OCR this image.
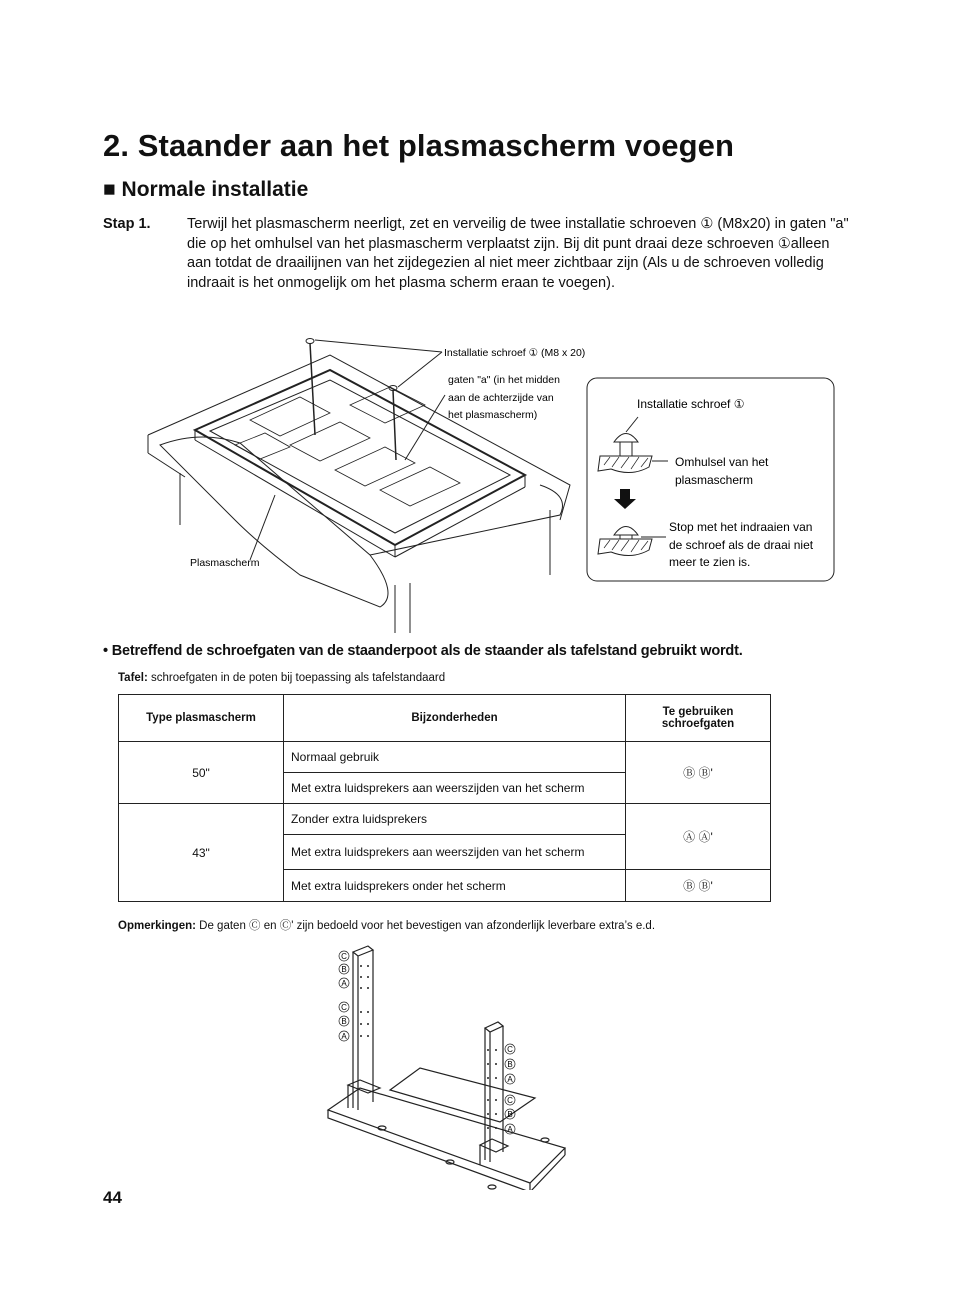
2. Staander aan het plasmascherm voegen
■ Normale installatie
Stap 1.	Terwijl het plasmascherm neerligt, zet en verveilig de twee installatie schroeven ① (M8x20) in gaten "a" die op het omhulsel van het plasmascherm verplaatst zijn. Bij dit punt draai deze schroeven ①alleen aan totdat de draailijnen van het zijdegezien al niet meer zichtbaar zijn (Als u de schroeven volledig indraait is het onmogelijk om het plasma scherm eraan te voegen).
Installatie schroef ① (M8 x 20)
gaten "a" (in het midden
aan de achterzijde van
het plasmascherm)
Plasmascherm
Installatie schroef ①
Omhulsel van het
plasmascherm
Stop met het indraaien van
de schroef als de draai niet
meer te zien is.
• Betreffend de schroefgaten van de staanderpoot als de staander als tafelstand gebruikt wordt.
Tafel: schroefgaten in de poten bij toepassing als tafelstandaard
Type plasmascherm	Bijzonderheden	Te gebruiken schroefgaten
50"	Normaal gebruik	Ⓑ Ⓑ'
	Met extra luidsprekers aan weerszijden van het scherm	
43"	Zonder extra luidsprekers	Ⓐ Ⓐ'
	Met extra luidsprekers aan weerszijden van het scherm	
	Met extra luidsprekers onder het scherm	Ⓑ Ⓑ'
Opmerkingen: De gaten Ⓒ en Ⓒ' zijn bedoeld voor het bevestigen van afzonderlijk leverbare extra’s e.d.
C
B
A
C
B
A
C
B
A
C
B
A
44
